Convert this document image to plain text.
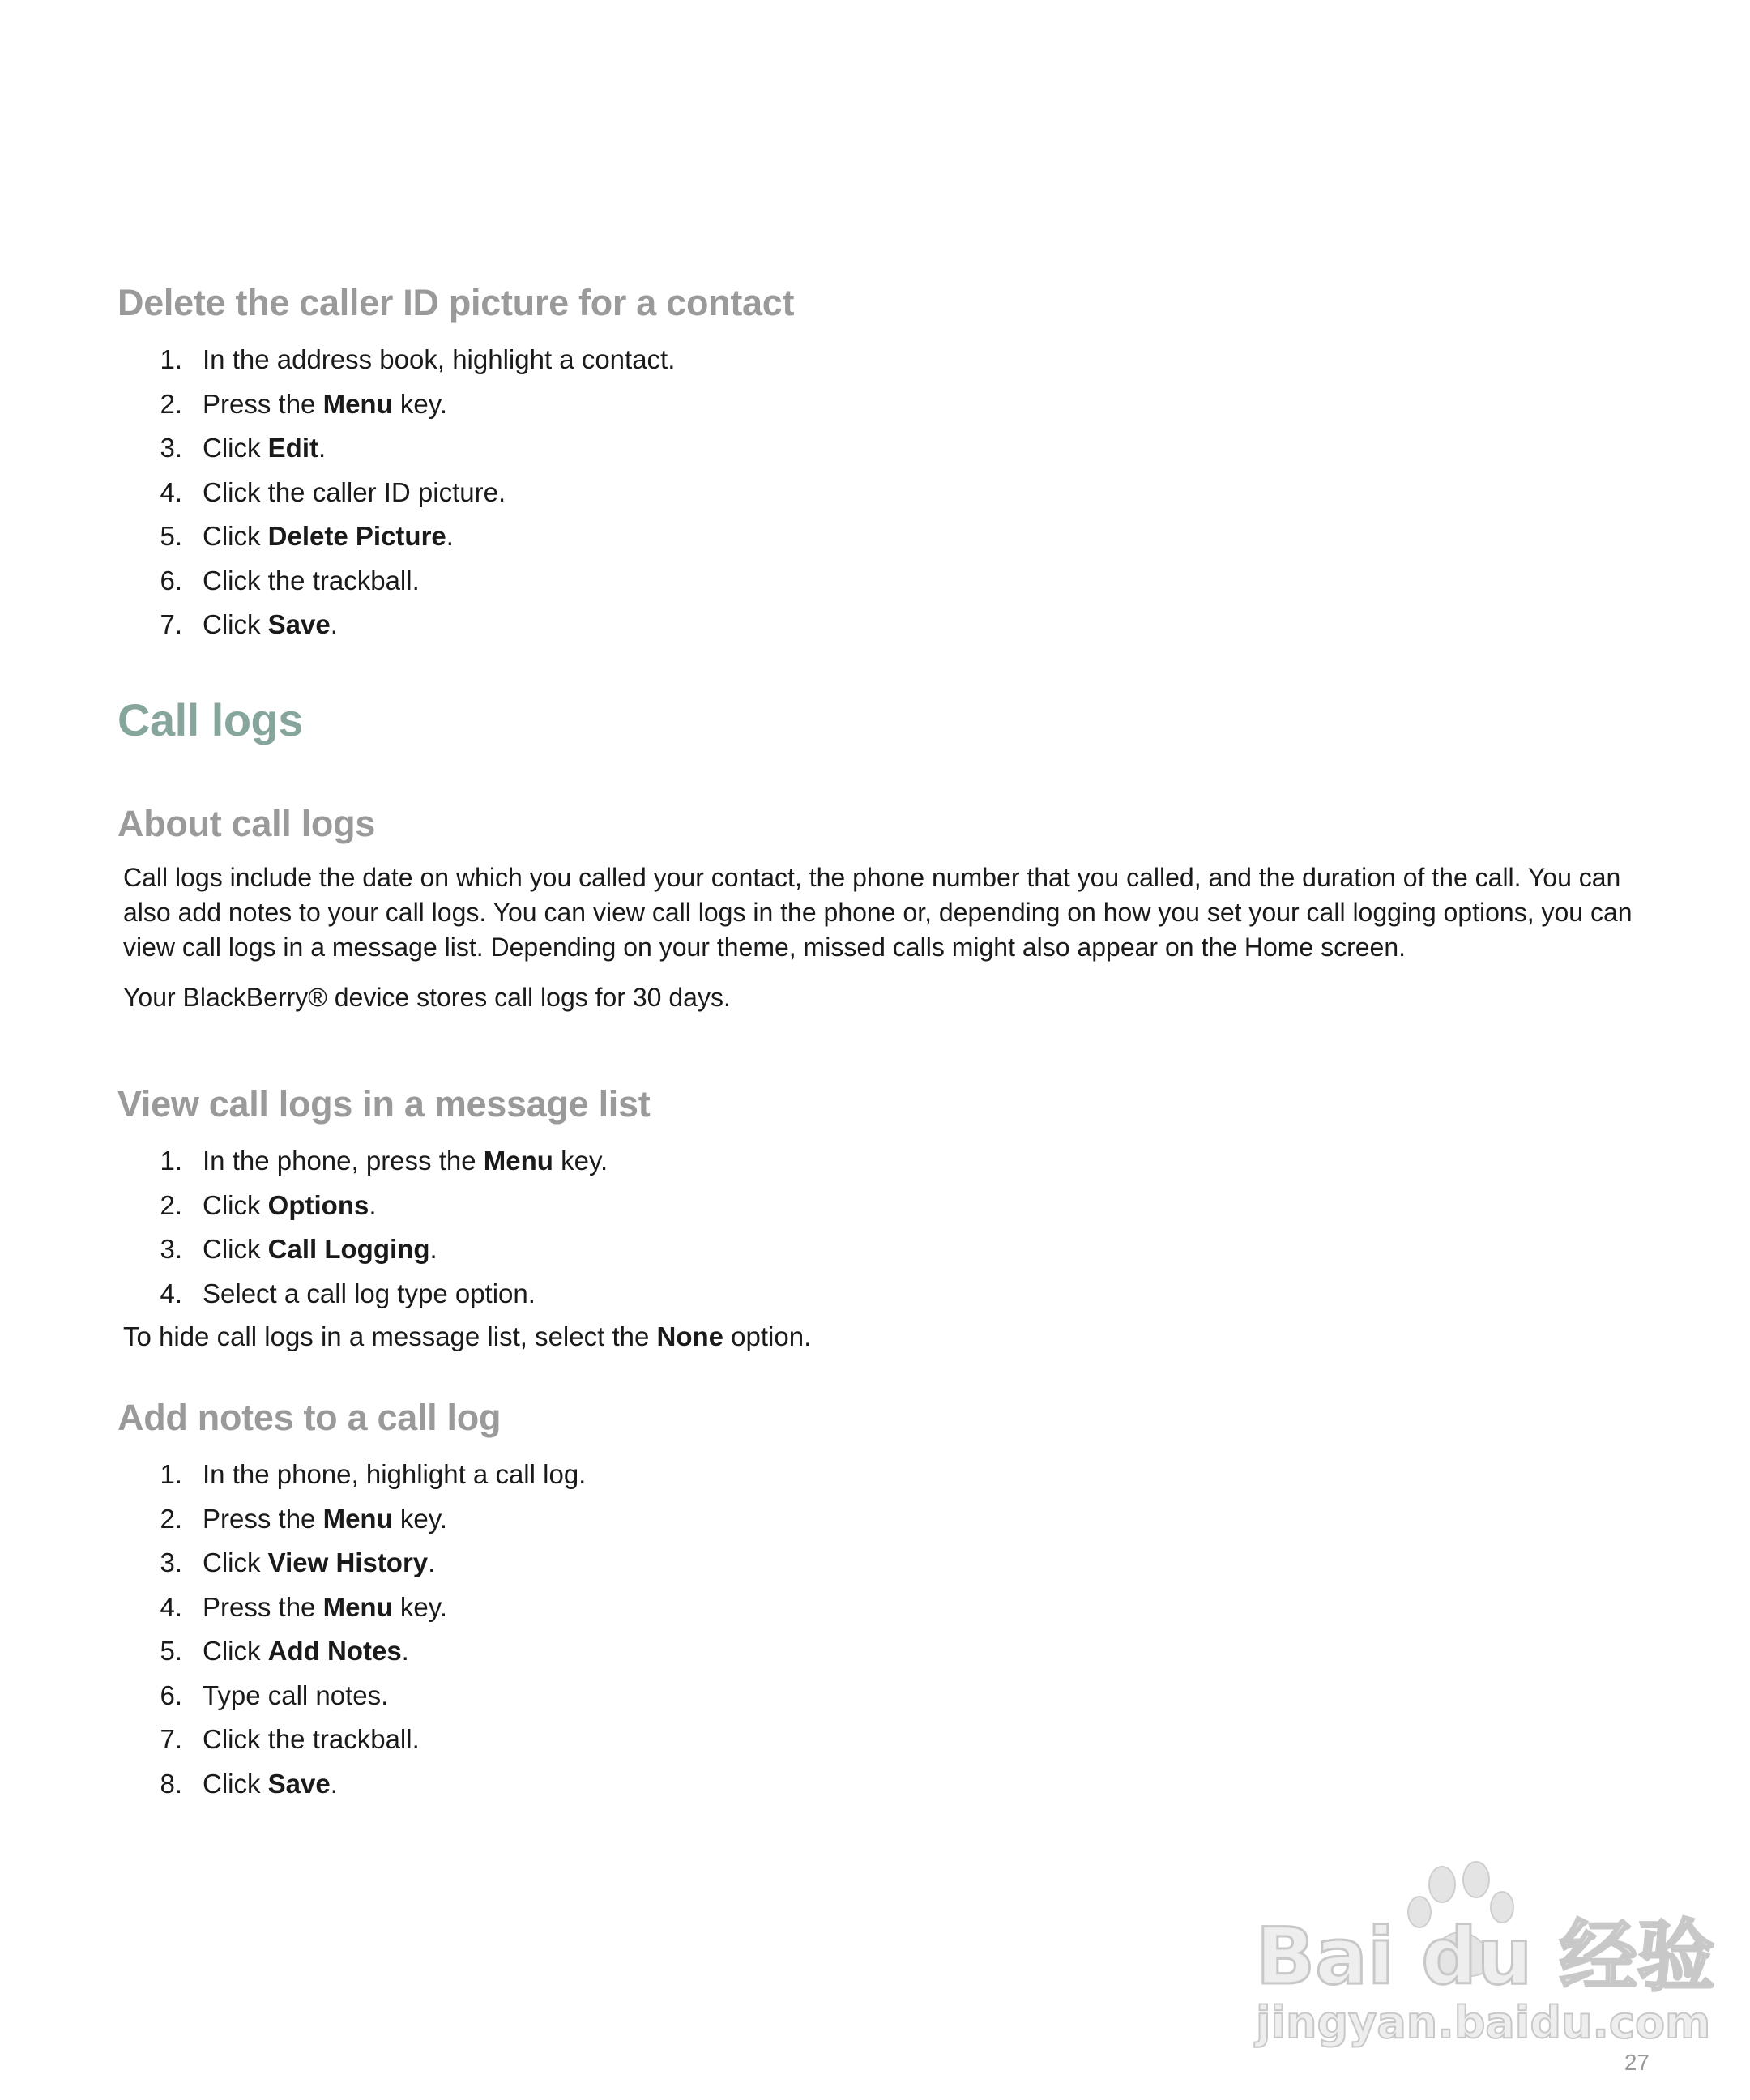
Delete the caller ID picture for a contact
1. In the address book, highlight a contact.
2. Press the Menu key.
3. Click Edit.
4. Click the caller ID picture.
5. Click Delete Picture.
6. Click the trackball.
7. Click Save.
Call logs
About call logs

Call logs include the date on which you called your contact, the phone number that you called, and the duration of the call. You can also add notes to your call logs. You can view call logs in the phone or, depending on how you set your call logging options, you can view call logs in a message list. Depending on your theme, missed calls might also appear on the Home screen.

Your BlackBerry® device stores call logs for 30 days.

View call logs in a message list
1. In the phone, press the Menu key.
2. Click Options.
3. Click Call Logging.
4. Select a call log type option.

To hide call logs in a message list, select the None option.

Add notes to a call log
1. In the phone, highlight a call log.
2. Press the Menu key.
3. Click View History.
4. Press the Menu key.
5. Click Add Notes.
6. Type call notes.
7. Click the trackball.
8. Click Save.
Bai du 经验
jingyan.baidu.com
27
